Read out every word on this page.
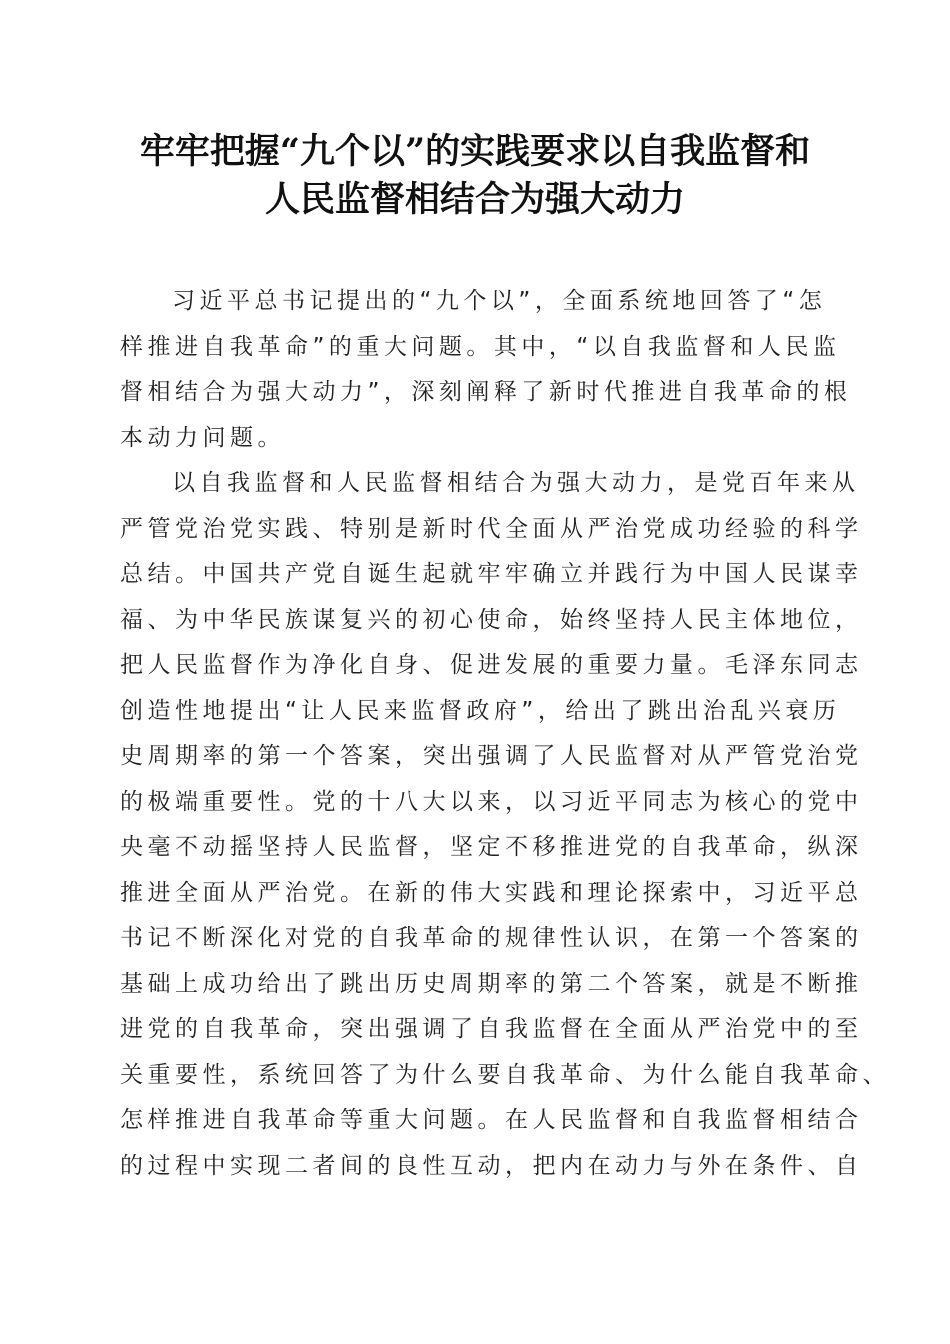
牢牢把握“九个以”的实践要求以自我监督和
人民监督相结合为强大动力
习近平总书记提出的“九个以”，全面系统地回答了“怎
样推进自我革命”的重大问题。其中，“以自我监督和人民监
督相结合为强大动力”，深刻阐释了新时代推进自我革命的根
本动力问题。
以自我监督和人民监督相结合为强大动力，是党百年来从
严管党治党实践、特别是新时代全面从严治党成功经验的科学
总结。中国共产党自诞生起就牢牢确立并践行为中国人民谋幸
福、为中华民族谋复兴的初心使命，始终坚持人民主体地位，
把人民监督作为净化自身、促进发展的重要力量。毛泽东同志
创造性地提出“让人民来监督政府”，给出了跳出治乱兴衰历
史周期率的第一个答案，突出强调了人民监督对从严管党治党
的极端重要性。党的十八大以来，以习近平同志为核心的党中
央毫不动摇坚持人民监督，坚定不移推进党的自我革命，纵深
推进全面从严治党。在新的伟大实践和理论探索中，习近平总
书记不断深化对党的自我革命的规律性认识，在第一个答案的
基础上成功给出了跳出历史周期率的第二个答案，就是不断推
进党的自我革命，突出强调了自我监督在全面从严治党中的至
关重要性，系统回答了为什么要自我革命、为什么能自我革命、
怎样推进自我革命等重大问题。在人民监督和自我监督相结合
的过程中实现二者间的良性互动，把内在动力与外在条件、自
